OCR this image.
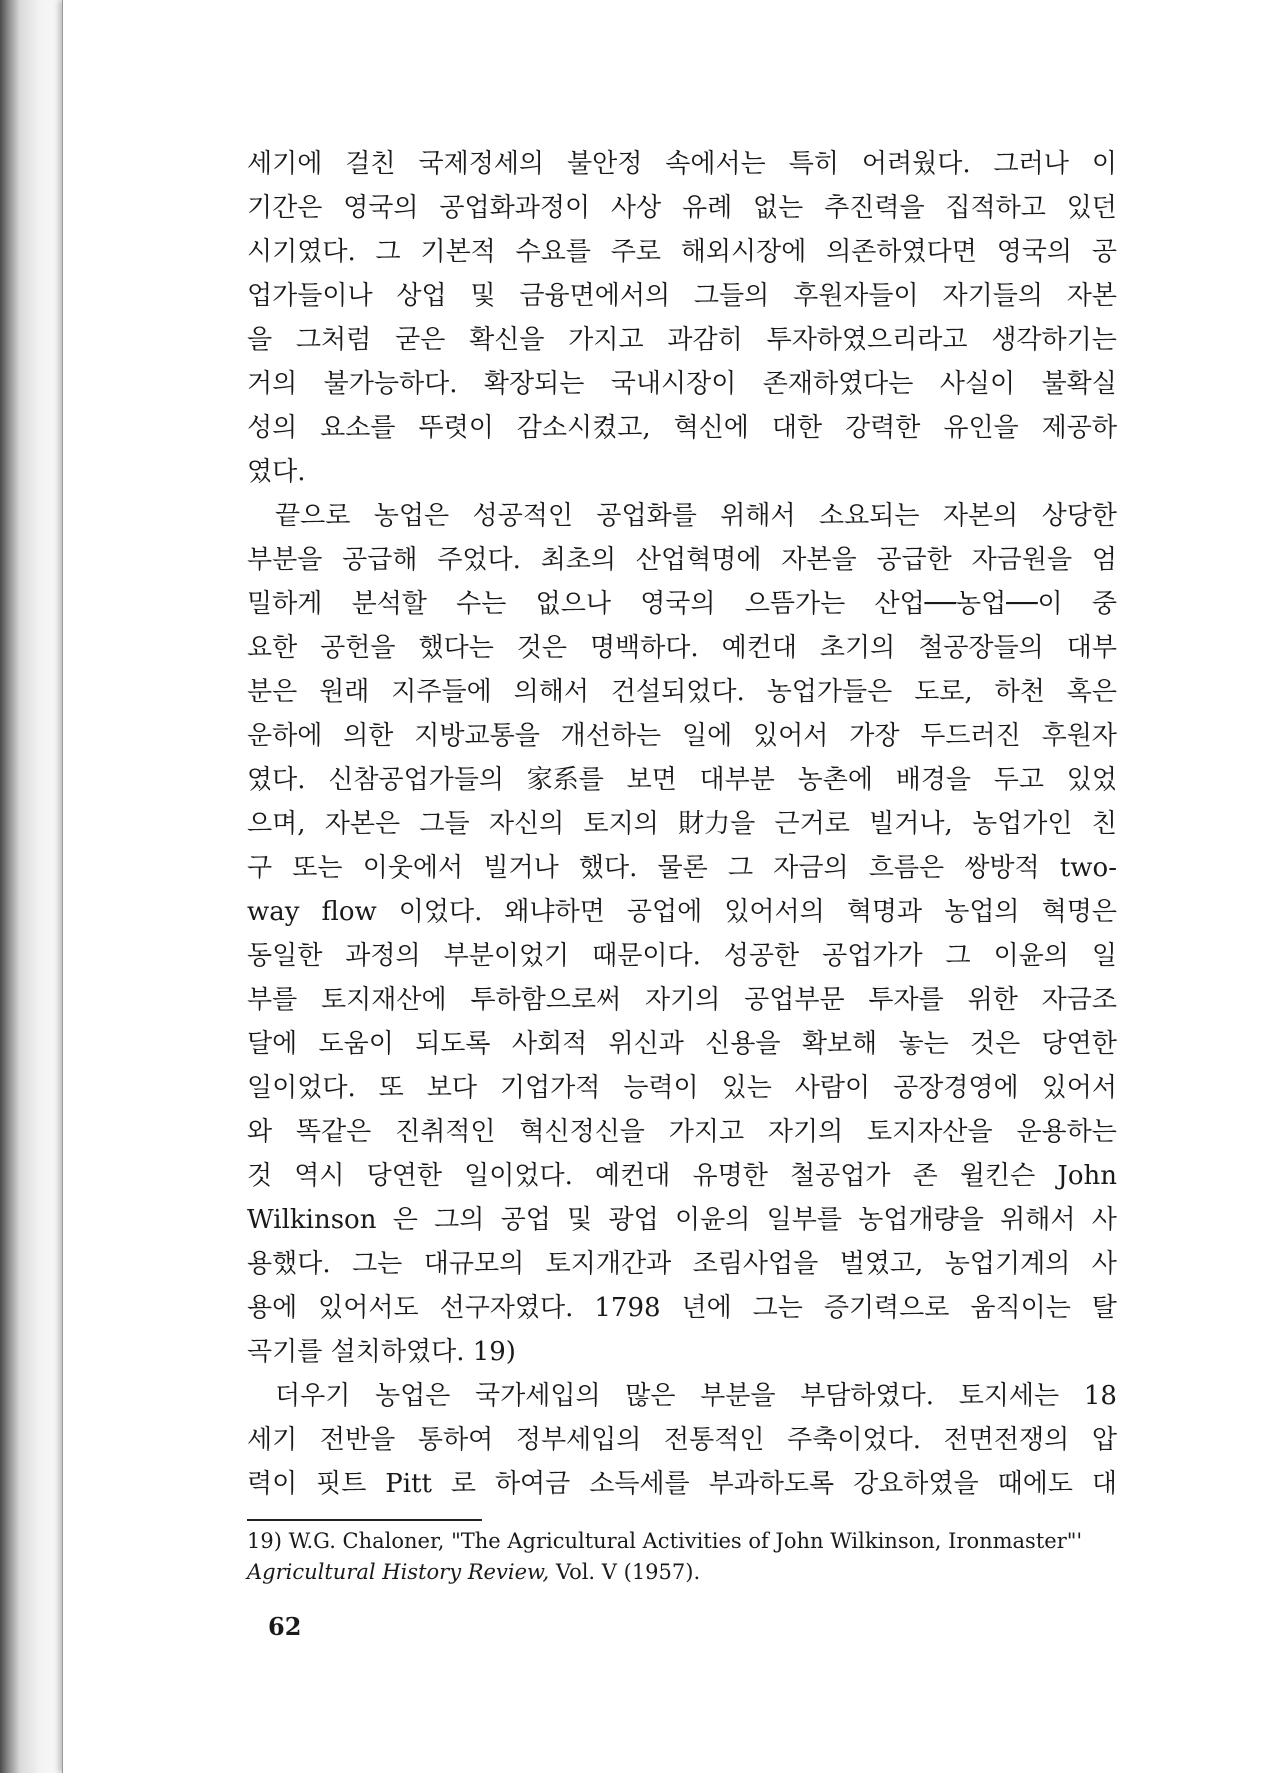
세기에 걸친 국제정세의 불안정 속에서는 특히 어려웠다. 그러나 이
기간은 영국의 공업화과정이 사상 유례 없는 추진력을 집적하고 있던
시기였다. 그 기본적 수요를 주로 해외시장에 의존하였다면 영국의 공
업가들이나 상업 및 금융면에서의 그들의 후원자들이 자기들의 자본
을 그처럼 굳은 확신을 가지고 과감히 투자하였으리라고 생각하기는
거의 불가능하다. 확장되는 국내시장이 존재하였다는 사실이 불확실
성의 요소를 뚜렷이 감소시켰고, 혁신에 대한 강력한 유인을 제공하
였다.
끝으로 농업은 성공적인 공업화를 위해서 소요되는 자본의 상당한
부분을 공급해 주었다. 최초의 산업혁명에 자본을 공급한 자금원을 엄
밀하게 분석할 수는 없으나 영국의 으뜸가는 산업──농업──이 중
요한 공헌을 했다는 것은 명백하다. 예컨대 초기의 철공장들의 대부
분은 원래 지주들에 의해서 건설되었다. 농업가들은 도로, 하천 혹은
운하에 의한 지방교통을 개선하는 일에 있어서 가장 두드러진 후원자
였다. 신참공업가들의 家系를 보면 대부분 농촌에 배경을 두고 있었
으며, 자본은 그들 자신의 토지의 財力을 근거로 빌거나, 농업가인 친
구 또는 이웃에서 빌거나 했다. 물론 그 자금의 흐름은 쌍방적 two-
way flow 이었다. 왜냐하면 공업에 있어서의 혁명과 농업의 혁명은
동일한 과정의 부분이었기 때문이다. 성공한 공업가가 그 이윤의 일
부를 토지재산에 투하함으로써 자기의 공업부문 투자를 위한 자금조
달에 도움이 되도록 사회적 위신과 신용을 확보해 놓는 것은 당연한
일이었다. 또 보다 기업가적 능력이 있는 사람이 공장경영에 있어서
와 똑같은 진취적인 혁신정신을 가지고 자기의 토지자산을 운용하는
것 역시 당연한 일이었다. 예컨대 유명한 철공업가 존 윌킨슨 John
Wilkinson 은 그의 공업 및 광업 이윤의 일부를 농업개량을 위해서 사
용했다. 그는 대규모의 토지개간과 조림사업을 벌였고, 농업기계의 사
용에 있어서도 선구자였다. 1798 년에 그는 증기력으로 움직이는 탈
곡기를 설치하였다. 19)
더우기 농업은 국가세입의 많은 부분을 부담하였다. 토지세는 18
세기 전반을 통하여 정부세입의 전통적인 주축이었다. 전면전쟁의 압
력이 핏트 Pitt 로 하여금 소득세를 부과하도록 강요하였을 때에도 대
19) W.G. Chaloner, "The Agricultural Activities of John Wilkinson, Ironmaster"'
Agricultural History Review, Vol. V (1957).
62
